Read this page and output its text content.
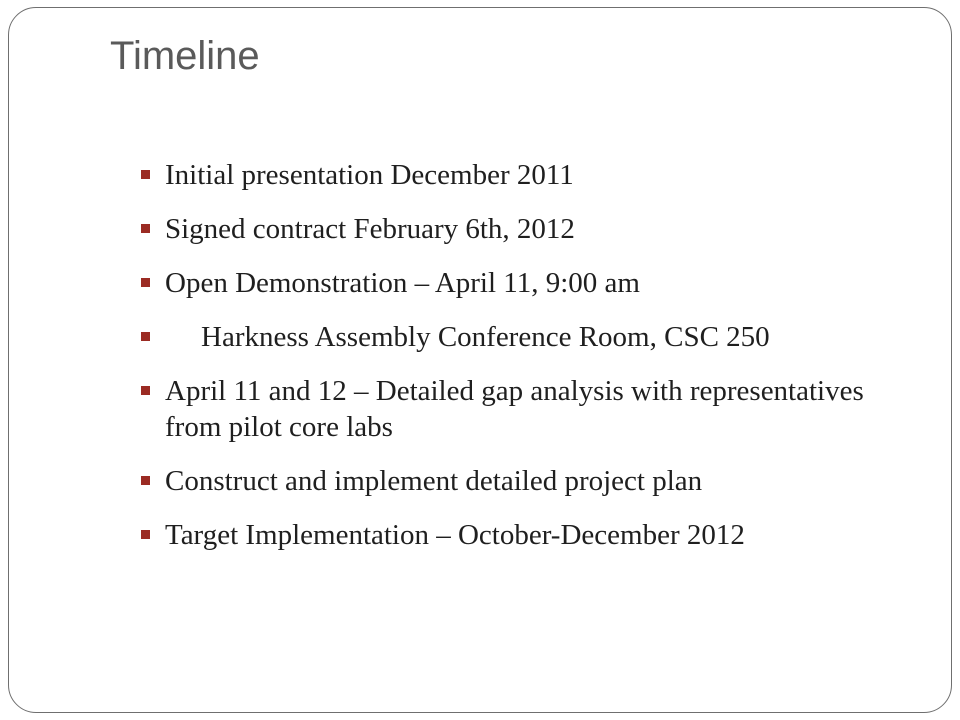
Timeline
Initial presentation December 2011
Signed contract February 6th, 2012
Open Demonstration – April 11, 9:00 am
Harkness Assembly Conference Room, CSC 250
April 11 and 12 – Detailed gap analysis with representatives from pilot core labs
Construct and implement detailed project plan
Target Implementation – October-December 2012
